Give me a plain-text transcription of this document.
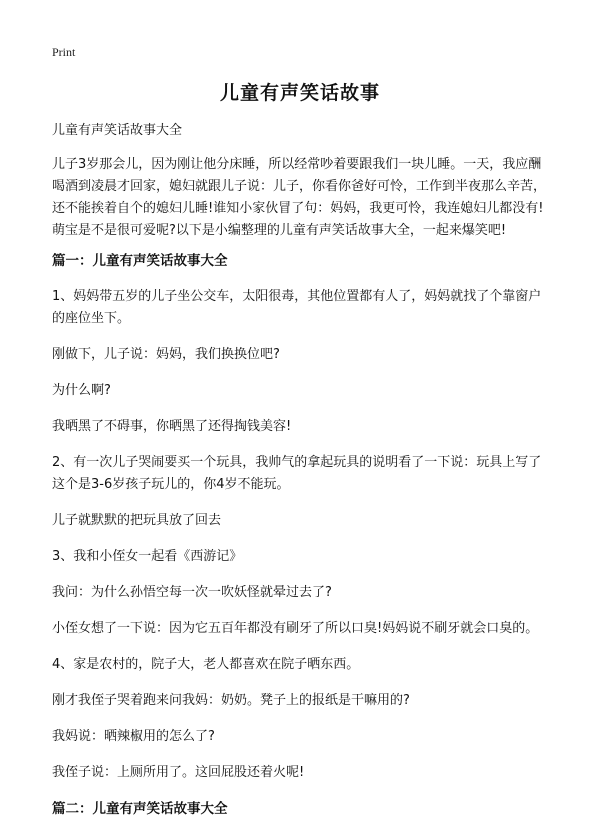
Print
儿童有声笑话故事

儿童有声笑话故事大全

儿子3岁那会儿，因为刚让他分床睡，所以经常吵着要跟我们一块儿睡。一天，我应酬喝酒到凌晨才回家，媳妇就跟儿子说：儿子，你看你爸好可怜，工作到半夜那么辛苦，还不能挨着自个的媳妇儿睡!谁知小家伙冒了句：妈妈，我更可怜，我连媳妇儿都没有!萌宝是不是很可爱呢?以下是小编整理的儿童有声笑话故事大全，一起来爆笑吧!

篇一：儿童有声笑话故事大全

1、妈妈带五岁的儿子坐公交车，太阳很毒，其他位置都有人了，妈妈就找了个靠窗户的座位坐下。

刚做下，儿子说：妈妈，我们换换位吧?

为什么啊?

我晒黑了不碍事，你晒黑了还得掏钱美容!

2、有一次儿子哭闹要买一个玩具，我帅气的拿起玩具的说明看了一下说：玩具上写了这个是3-6岁孩子玩儿的，你4岁不能玩。

儿子就默默的把玩具放了回去

3、我和小侄女一起看《西游记》

我问：为什么孙悟空每一次一吹妖怪就晕过去了?

小侄女想了一下说：因为它五百年都没有刷牙了所以口臭!妈妈说不刷牙就会口臭的。

4、家是农村的，院子大，老人都喜欢在院子晒东西。

刚才我侄子哭着跑来问我妈：奶奶。凳子上的报纸是干嘛用的?

我妈说：晒辣椒用的怎么了?

我侄子说：上厕所用了。这回屁股还着火呢!

篇二：儿童有声笑话故事大全
